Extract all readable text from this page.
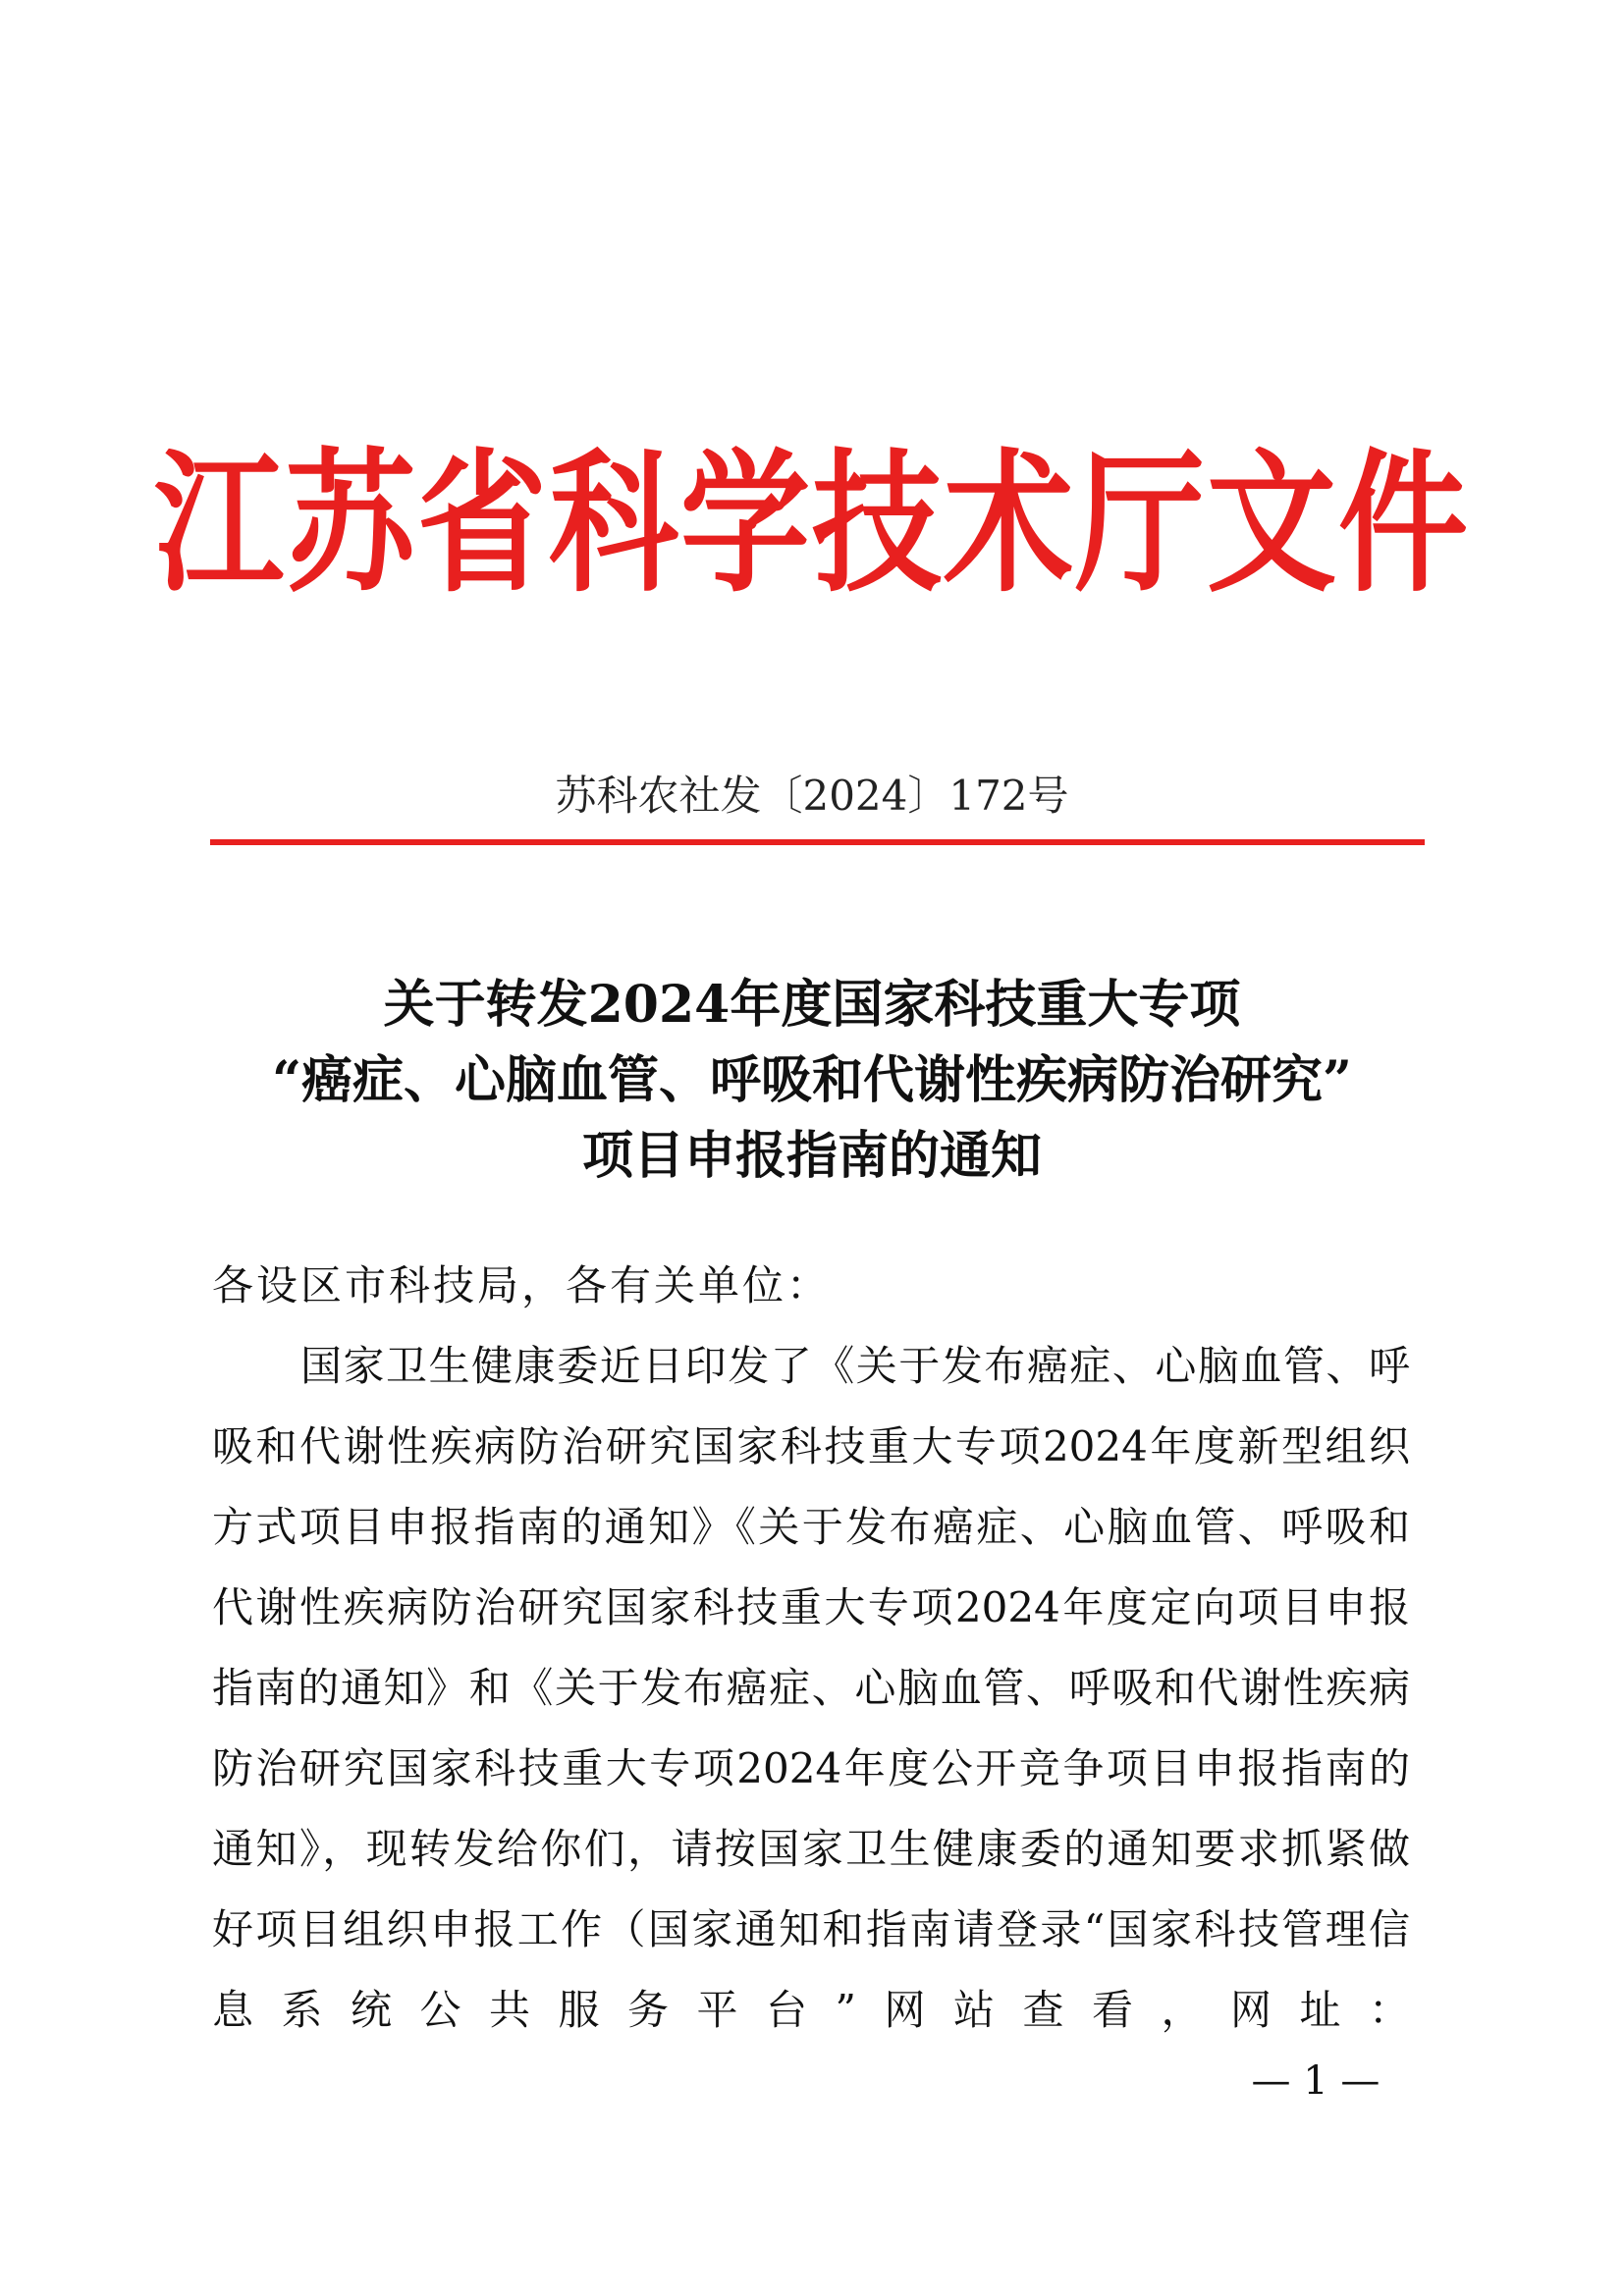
江苏省科学技术厅文件
苏科农社发〔2024〕172号
关于转发2024年度国家科技重大专项
“癌症、心脑血管、呼吸和代谢性疾病防治研究”
项目申报指南的通知
各设区市科技局，各有关单位：
国家卫生健康委近日印发了《关于发布癌症、心脑血管、呼
吸和代谢性疾病防治研究国家科技重大专项2024年度新型组织
方式项目申报指南的通知》《关于发布癌症、心脑血管、呼吸和
代谢性疾病防治研究国家科技重大专项2024年度定向项目申报
指南的通知》和《关于发布癌症、心脑血管、呼吸和代谢性疾病
防治研究国家科技重大专项2024年度公开竞争项目申报指南的
通知》，现转发给你们，请按国家卫生健康委的通知要求抓紧做
好项目组织申报工作（国家通知和指南请登录“国家科技管理信
息系统公共服务平台”网站查看，网址：
— 1 —
